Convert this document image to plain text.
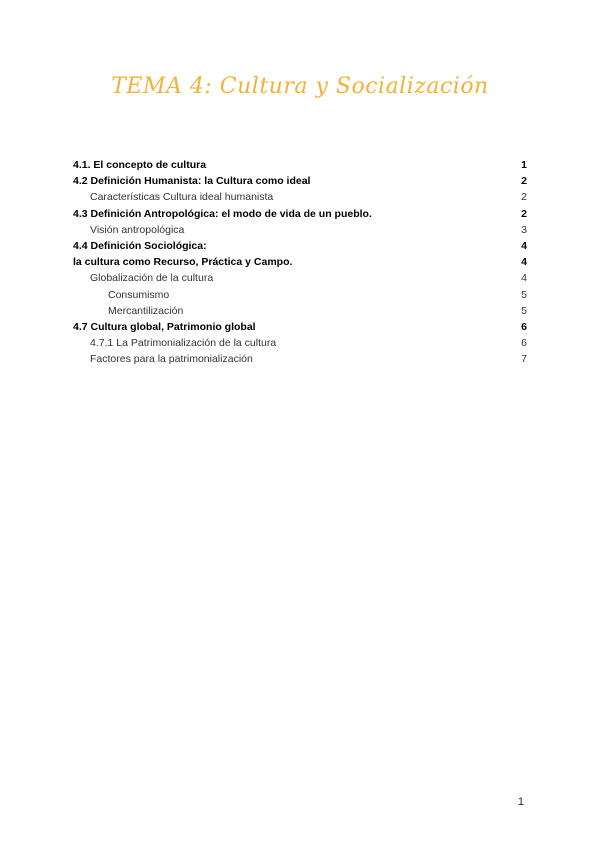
TEMA 4: Cultura y Socialización
4.1. El concepto de cultura	1
4.2 Definición Humanista: la Cultura como ideal	2
Características Cultura ideal humanista	2
4.3 Definición Antropológica: el modo de vida de un pueblo.	2
Visión antropológica	3
4.4 Definición Sociológica:	4
la cultura como Recurso, Práctica y Campo.	4
Globalización de la cultura	4
Consumismo	5
Mercantilización	5
4.7 Cultura global, Patrimonio global	6
4.7.1 La Patrimonialización de la cultura	6
Factores para la patrimonialización	7
1
